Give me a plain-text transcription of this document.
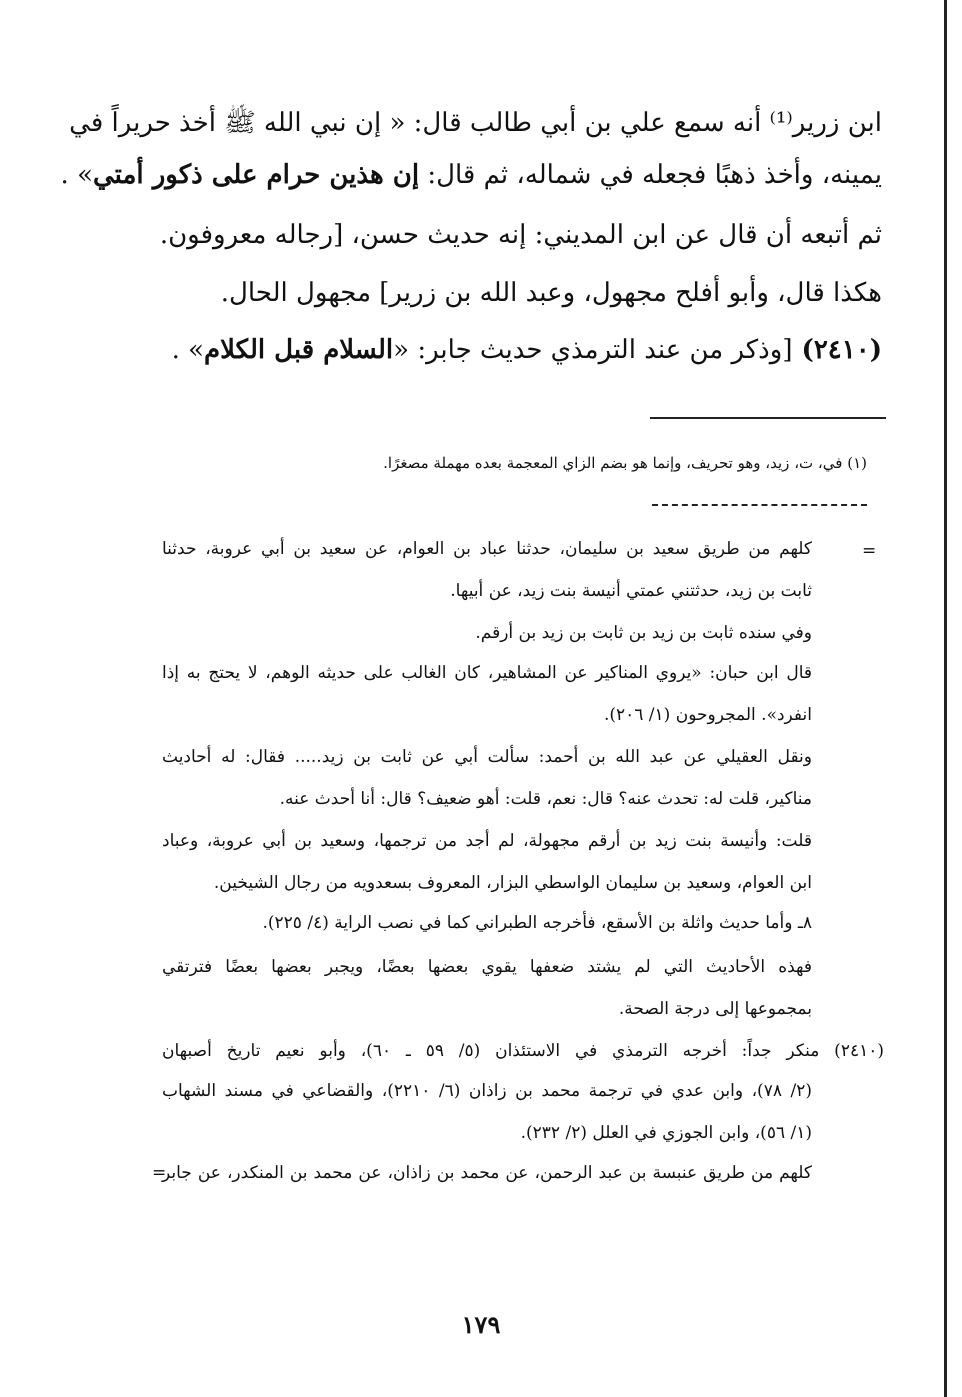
ابن زرير⁽¹⁾ أنه سمع علي بن أبي طالب قال: « إن نبي الله ﷺ أخذ حريراً في
يمينه، وأخذ ذهبًا فجعله في شماله، ثم قال: إن هذين حرام على ذكور أمتي» .
ثم أتبعه أن قال عن ابن المديني: إنه حديث حسن، [رجاله معروفون.
هكذا قال، وأبو أفلح مجهول، وعبد الله بن زرير] مجهول الحال.
(٢٤١٠) [وذكر من عند الترمذي حديث جابر: «السلام قبل الكلام» .
(١) في، ت، زيد، وهو تحريف، وإنما هو بضم الزاي المعجمة بعده مهملة مصغرًا.
=
كلهم من طريق سعيد بن سليمان، حدثنا عباد بن العوام، عن سعيد بن أبي عروبة، حدثنا
ثابت بن زيد، حدثتني عمتي أنيسة بنت زيد، عن أبيها.
وفي سنده ثابت بن زيد بن ثابت بن زيد بن أرقم.
قال ابن حبان: «يروي المناكير عن المشاهير، كان الغالب على حديثه الوهم، لا يحتج به إذا
انفرد». المجروحون (١/ ٢٠٦).
ونقل العقيلي عن عبد الله بن أحمد: سألت أبي عن ثابت بن زيد..... فقال: له أحاديث
مناكير، قلت له: تحدث عنه؟ قال: نعم، قلت: أهو ضعيف؟ قال: أنا أحدث عنه.
قلت: وأنيسة بنت زيد بن أرقم مجهولة، لم أجد من ترجمها، وسعيد بن أبي عروبة، وعباد
ابن العوام، وسعيد بن سليمان الواسطي البزار، المعروف بسعدويه من رجال الشيخين.
٨ـ وأما حديث واثلة بن الأسقع، فأخرجه الطبراني كما في نصب الراية (٤/ ٢٢٥).
فهذه الأحاديث التي لم يشتد ضعفها يقوي بعضها بعضًا، ويجبر بعضها بعضًا فترتقي
بمجموعها إلى درجة الصحة.
(٢٤١٠) منكر جداً: أخرجه الترمذي في الاستئذان (٥/ ٥٩ ـ ٦٠)، وأبو نعيم تاريخ أصبهان
(٢/ ٧٨)، وابن عدي في ترجمة محمد بن زاذان (٦/ ٢٢١٠)، والقضاعي في مسند الشهاب
(١/ ٥٦)، وابن الجوزي في العلل (٢/ ٢٣٢).
كلهم من طريق عنبسة بن عبد الرحمن، عن محمد بن زاذان، عن محمد بن المنكدر، عن جابر
=
١٧٩
